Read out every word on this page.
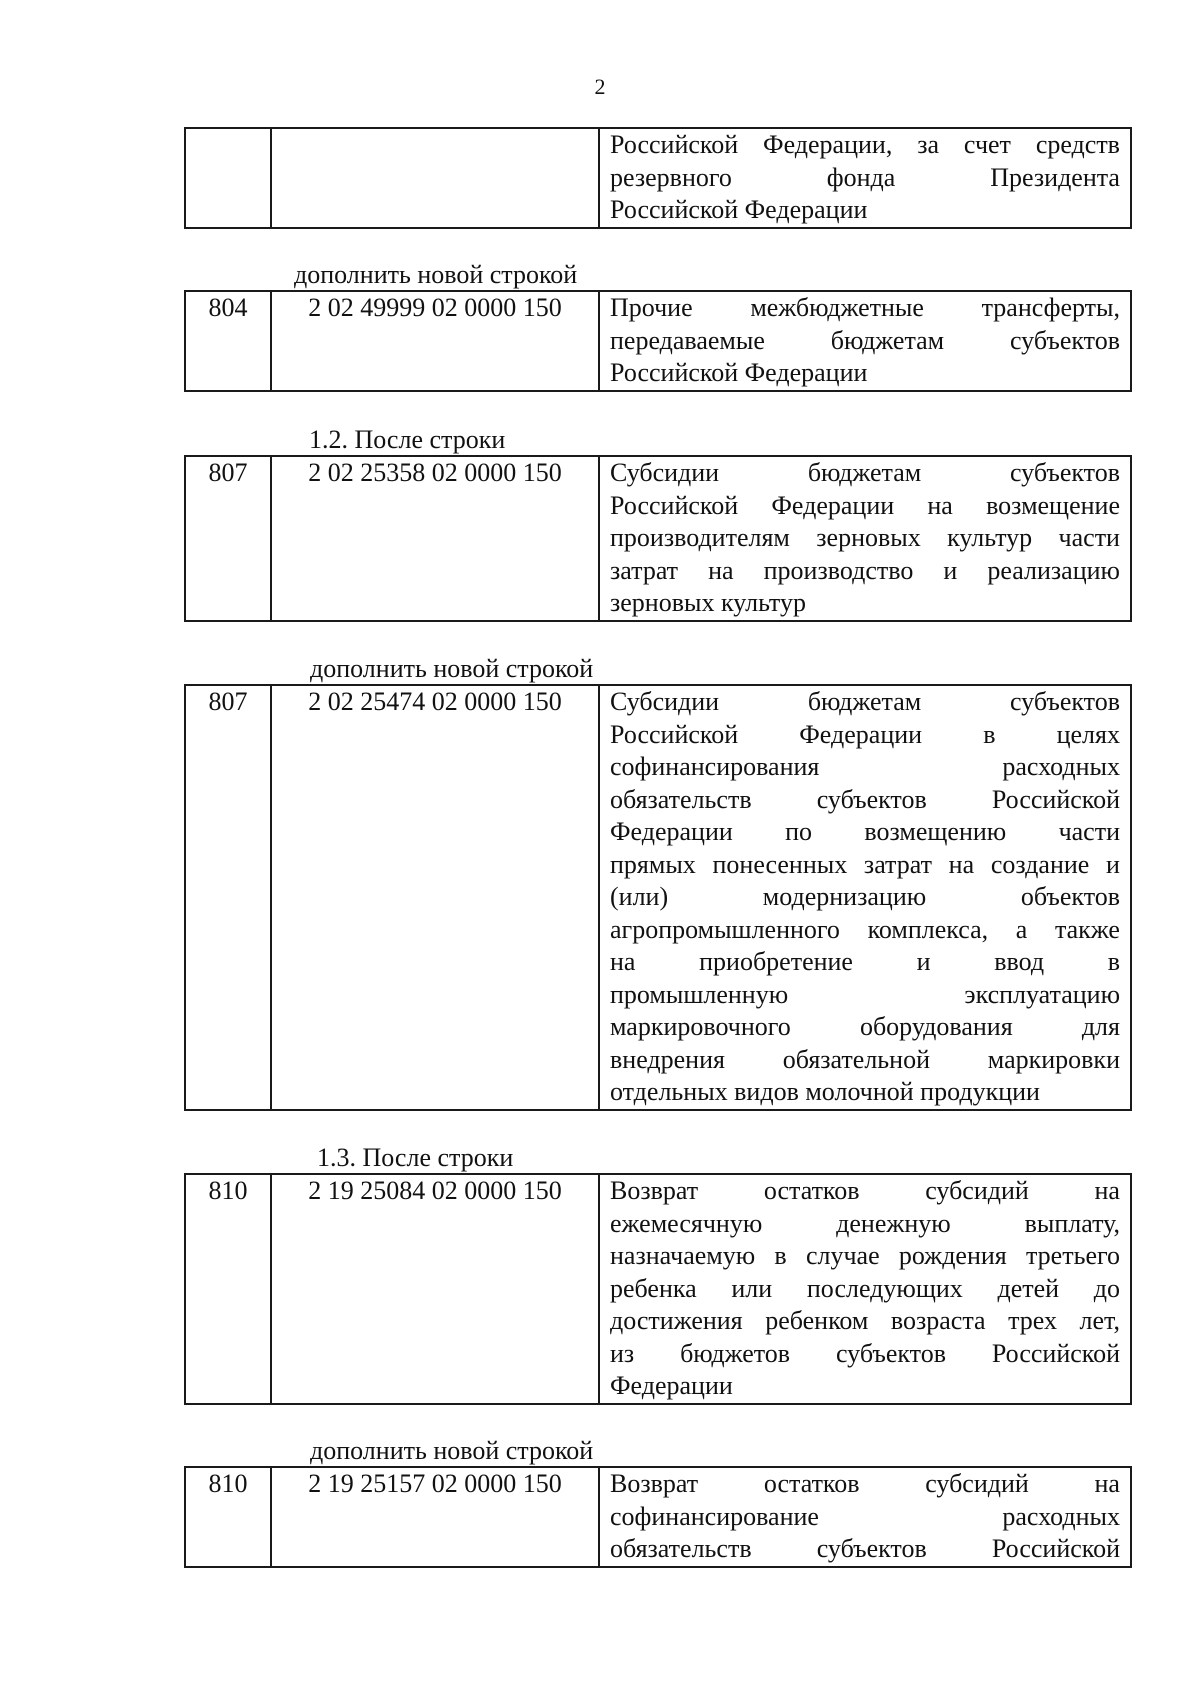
2

Российской Федерации, за счет средств
резервного	фонда	Президента
Российской Федерации
дополнить новой строкой
804	2 02 49999 02 0000 150	Прочие межбюджетные трансферты,
передаваемые	бюджетам	субъектов
Российской Федерации
1.2. После строки
807	2 02 25358 02 0000 150	Субсидии	бюджетам	субъектов
Российской Федерации на возмещение
производителям зерновых культур части
затрат на производство и реализацию
зерновых культур
дополнить новой строкой
807	2 02 25474 02 0000 150	Субсидии	бюджетам	субъектов
Российской Федерации в целях
софинансирования	расходных
обязательств	субъектов	Российской
Федерации по возмещению части
прямых понесенных затрат на создание и
(или)	модернизацию	объектов
агропромышленного комплекса, а также
на приобретение и ввод в
промышленную	эксплуатацию
маркировочного	оборудования	для
внедрения обязательной маркировки
отдельных видов молочной продукции
1.3. После строки
810	2 19 25084 02 0000 150	Возврат	остатков	субсидий	на
ежемесячную	денежную	выплату,
назначаемую в случае рождения третьего
ребенка или последующих детей до
достижения ребенком возраста трех лет,
из бюджетов субъектов Российской
Федерации
дополнить новой строкой
810	2 19 25157 02 0000 150	Возврат	остатков	субсидий	на
софинансирование	расходных
обязательств	субъектов	Российской
